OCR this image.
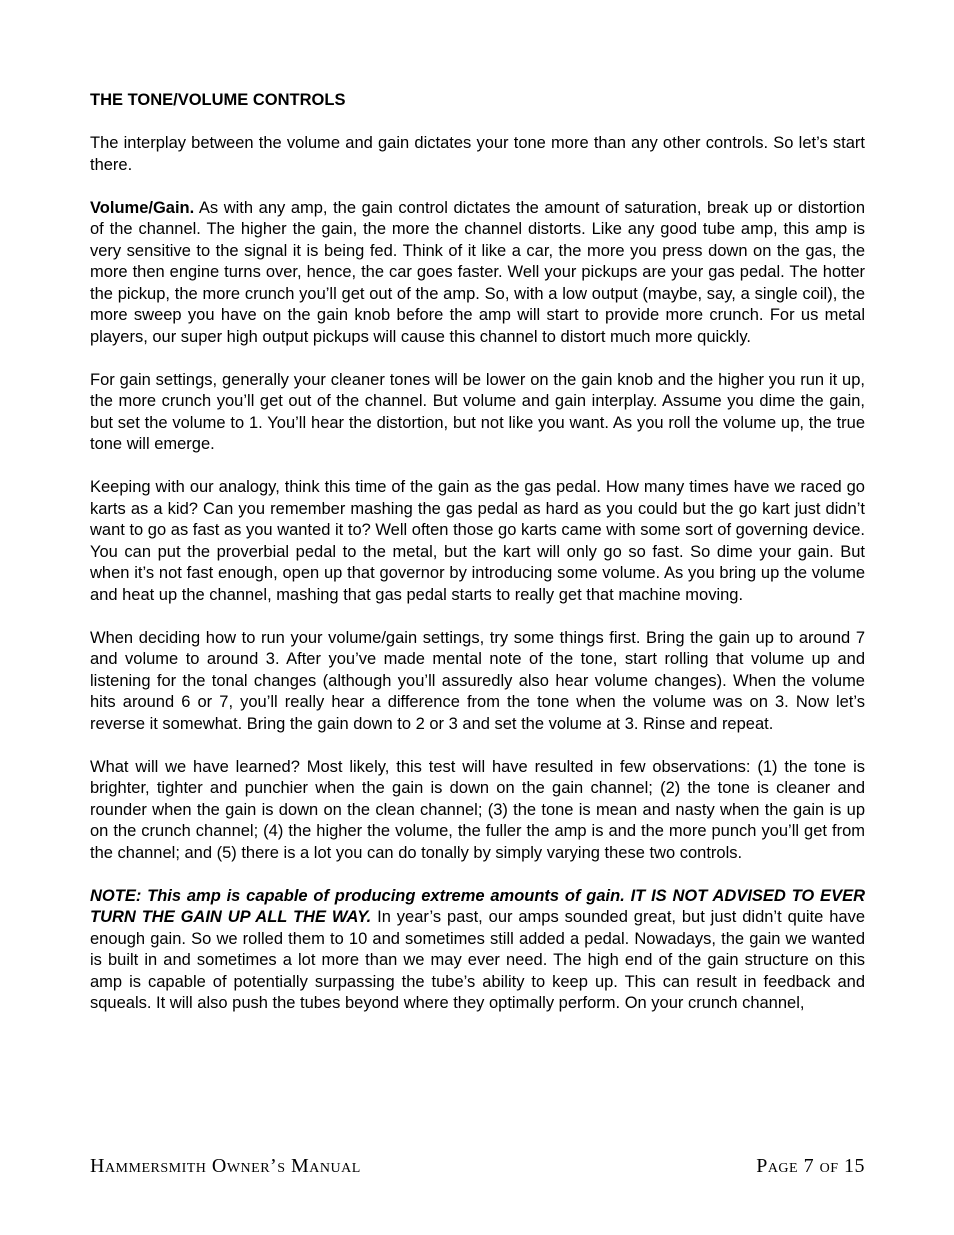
THE TONE/VOLUME CONTROLS

The interplay between the volume and gain dictates your tone more than any other controls. So let’s start there.

Volume/Gain. As with any amp, the gain control dictates the amount of saturation, break up or distortion of the channel. The higher the gain, the more the channel distorts. Like any good tube amp, this amp is very sensitive to the signal it is being fed. Think of it like a car, the more you press down on the gas, the more then engine turns over, hence, the car goes faster. Well your pickups are your gas pedal. The hotter the pickup, the more crunch you’ll get out of the amp. So, with a low output (maybe, say, a single coil), the more sweep you have on the gain knob before the amp will start to provide more crunch. For us metal players, our super high output pickups will cause this channel to distort much more quickly.

For gain settings, generally your cleaner tones will be lower on the gain knob and the higher you run it up, the more crunch you’ll get out of the channel. But volume and gain interplay. Assume you dime the gain, but set the volume to 1. You’ll hear the distortion, but not like you want. As you roll the volume up, the true tone will emerge.

Keeping with our analogy, think this time of the gain as the gas pedal. How many times have we raced go karts as a kid? Can you remember mashing the gas pedal as hard as you could but the go kart just didn’t want to go as fast as you wanted it to? Well often those go karts came with some sort of governing device. You can put the proverbial pedal to the metal, but the kart will only go so fast. So dime your gain. But when it’s not fast enough, open up that governor by introducing some volume. As you bring up the volume and heat up the channel, mashing that gas pedal starts to really get that machine moving.

When deciding how to run your volume/gain settings, try some things first. Bring the gain up to around 7 and volume to around 3. After you’ve made mental note of the tone, start rolling that volume up and listening for the tonal changes (although you’ll assuredly also hear volume changes). When the volume hits around 6 or 7, you’ll really hear a difference from the tone when the volume was on 3. Now let’s reverse it somewhat. Bring the gain down to 2 or 3 and set the volume at 3. Rinse and repeat.

What will we have learned? Most likely, this test will have resulted in few observations: (1) the tone is brighter, tighter and punchier when the gain is down on the gain channel; (2) the tone is cleaner and rounder when the gain is down on the clean channel; (3) the tone is mean and nasty when the gain is up on the crunch channel; (4) the higher the volume, the fuller the amp is and the more punch you’ll get from the channel; and (5) there is a lot you can do tonally by simply varying these two controls.

NOTE: This amp is capable of producing extreme amounts of gain. IT IS NOT ADVISED TO EVER TURN THE GAIN UP ALL THE WAY. In year’s past, our amps sounded great, but just didn’t quite have enough gain. So we rolled them to 10 and sometimes still added a pedal. Nowadays, the gain we wanted is built in and sometimes a lot more than we may ever need. The high end of the gain structure on this amp is capable of potentially surpassing the tube’s ability to keep up. This can result in feedback and squeals. It will also push the tubes beyond where they optimally perform. On your crunch channel,

Hammersmith Owner’s Manual	Page 7 of 15
